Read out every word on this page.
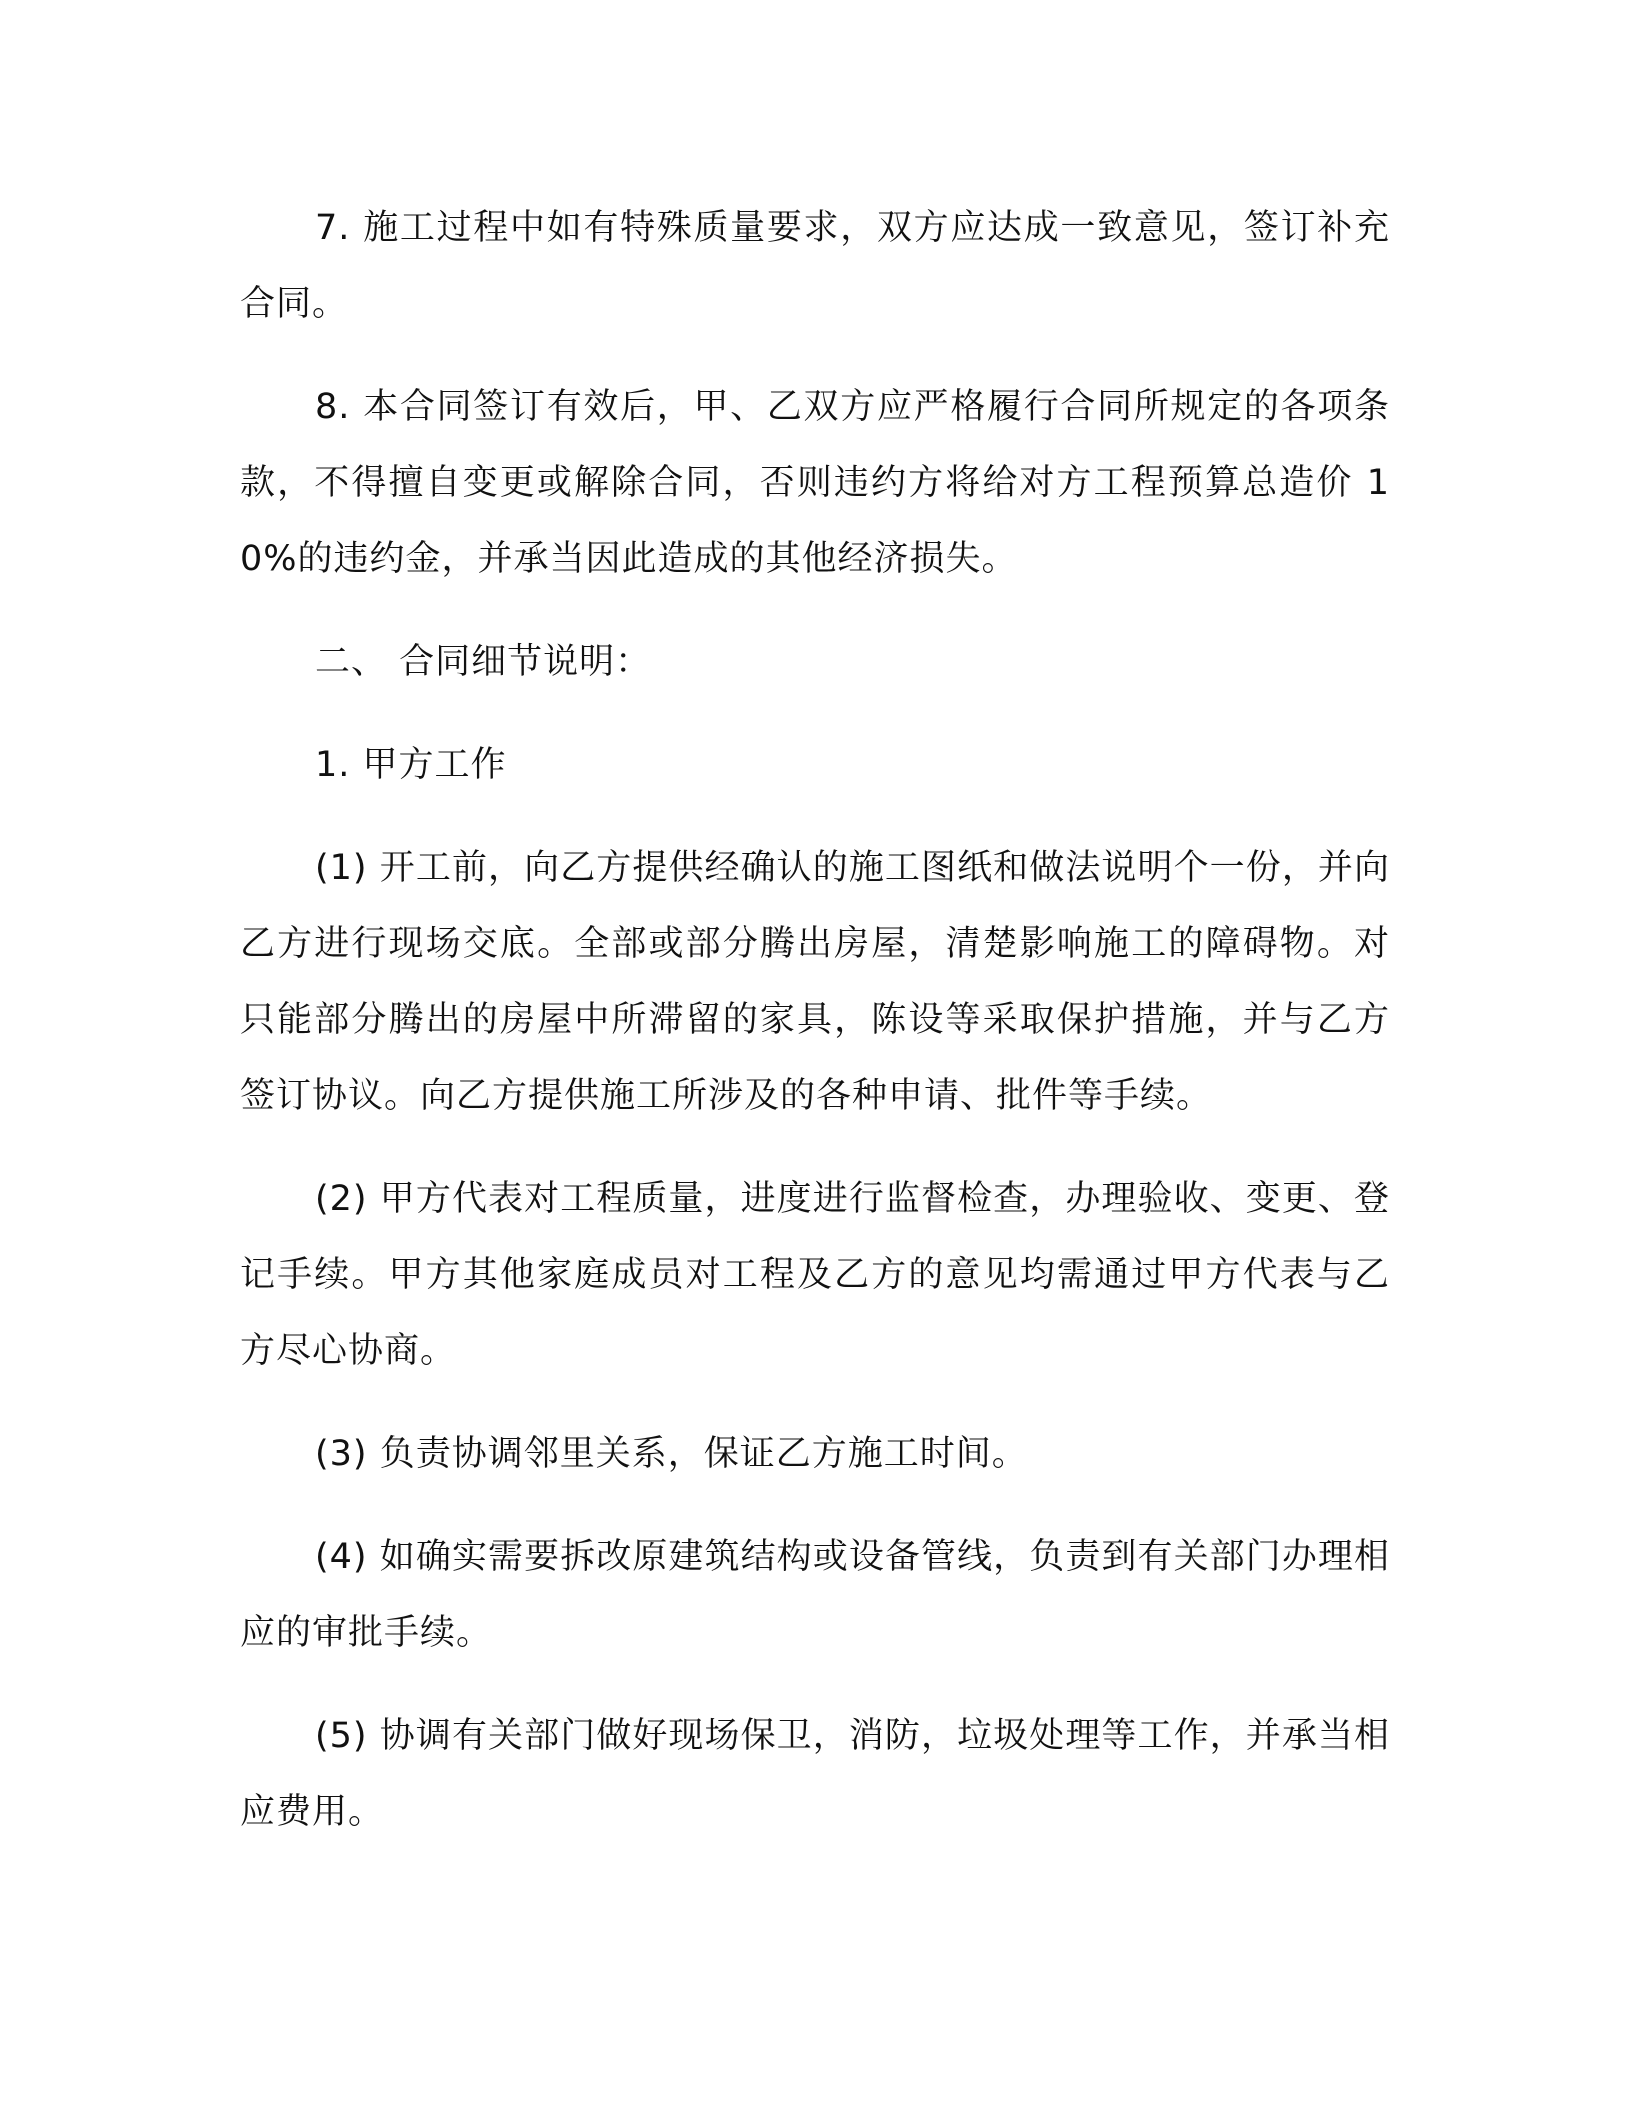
7. 施工过程中如有特殊质量要求，双方应达成一致意见，签订补充合同。

8. 本合同签订有效后，甲、乙双方应严格履行合同所规定的各项条款，不得擅自变更或解除合同，否则违约方将给对方工程预算总造价 10%的违约金，并承当因此造成的其他经济损失。

二、 合同细节说明：

1. 甲方工作

(1) 开工前，向乙方提供经确认的施工图纸和做法说明个一份，并向乙方进行现场交底。全部或部分腾出房屋，清楚影响施工的障碍物。对只能部分腾出的房屋中所滞留的家具，陈设等采取保护措施，并与乙方签订协议。向乙方提供施工所涉及的各种申请、批件等手续。

(2) 甲方代表对工程质量，进度进行监督检查，办理验收、变更、登记手续。甲方其他家庭成员对工程及乙方的意见均需通过甲方代表与乙方尽心协商。

(3) 负责协调邻里关系，保证乙方施工时间。

(4) 如确实需要拆改原建筑结构或设备管线，负责到有关部门办理相应的审批手续。

(5) 协调有关部门做好现场保卫，消防，垃圾处理等工作，并承当相应费用。
